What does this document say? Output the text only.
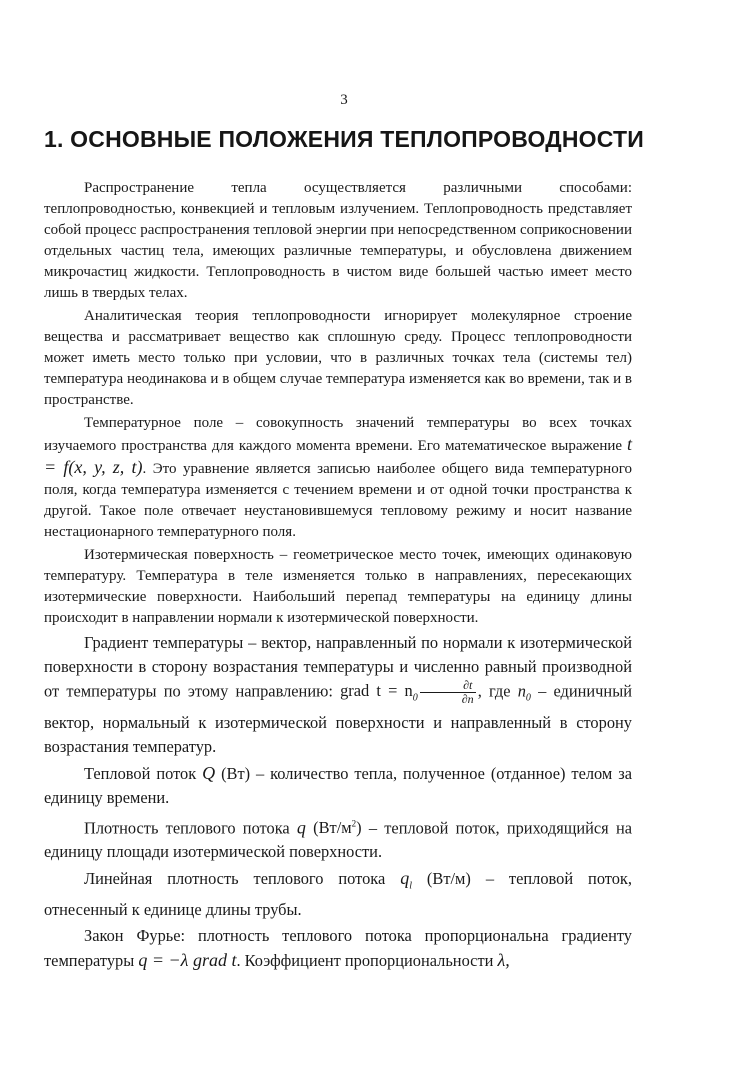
3
1. ОСНОВНЫЕ ПОЛОЖЕНИЯ ТЕПЛОПРОВОДНОСТИ

Распространение тепла осуществляется различными способами: теплопроводностью, конвекцией и тепловым излучением. Теплопроводность представляет собой процесс распространения тепловой энергии при непосредственном соприкосновении отдельных частиц тела, имеющих различные температуры, и обусловлена движением микрочастиц жидкости. Теплопроводность в чистом виде большей частью имеет место лишь в твердых телах.

Аналитическая теория теплопроводности игнорирует молекулярное строение вещества и рассматривает вещество как сплошную среду. Процесс теплопроводности может иметь место только при условии, что в различных точках тела (системы тел) температура неодинакова и в общем случае температура изменяется как во времени, так и в пространстве.

Температурное поле – совокупность значений температуры во всех точках изучаемого пространства для каждого момента времени. Его математическое выражение t = f(x, y, z, t). Это уравнение является записью наиболее общего вида температурного поля, когда температура изменяется с течением времени и от одной точки пространства к другой. Такое поле отвечает неустановившемуся тепловому режиму и носит название нестационарного температурного поля.

Изотермическая поверхность – геометрическое место точек, имеющих одинаковую температуру. Температура в теле изменяется только в направлениях, пересекающих изотермические поверхности. Наибольший перепад температуры на единицу длины происходит в направлении нормали к изотермической поверхности.

Градиент температуры – вектор, направленный по нормали к изотермической поверхности в сторону возрастания температуры и численно равный производной от температуры по этому направлению: grad $t = n_0 \frac{\partial t}{\partial n}$ , где $n_0$ – единичный вектор, нормальный к изотермической поверхности и направленный в сторону возрастания температур.

Тепловой поток Q (Вт) – количество тепла, полученное (отданное) телом за единицу времени.

Плотность теплового потока q $(Вт/м^2)$ – тепловой поток, приходящийся на единицу площади изотермической поверхности.

Линейная плотность теплового потока $q_l$ (Вт/м) – тепловой поток, отнесенный к единице длины трубы.

Закон Фурье: плотность теплового потока пропорциональна градиенту температуры q = −λ grad t. Коэффициент пропорциональности λ,
